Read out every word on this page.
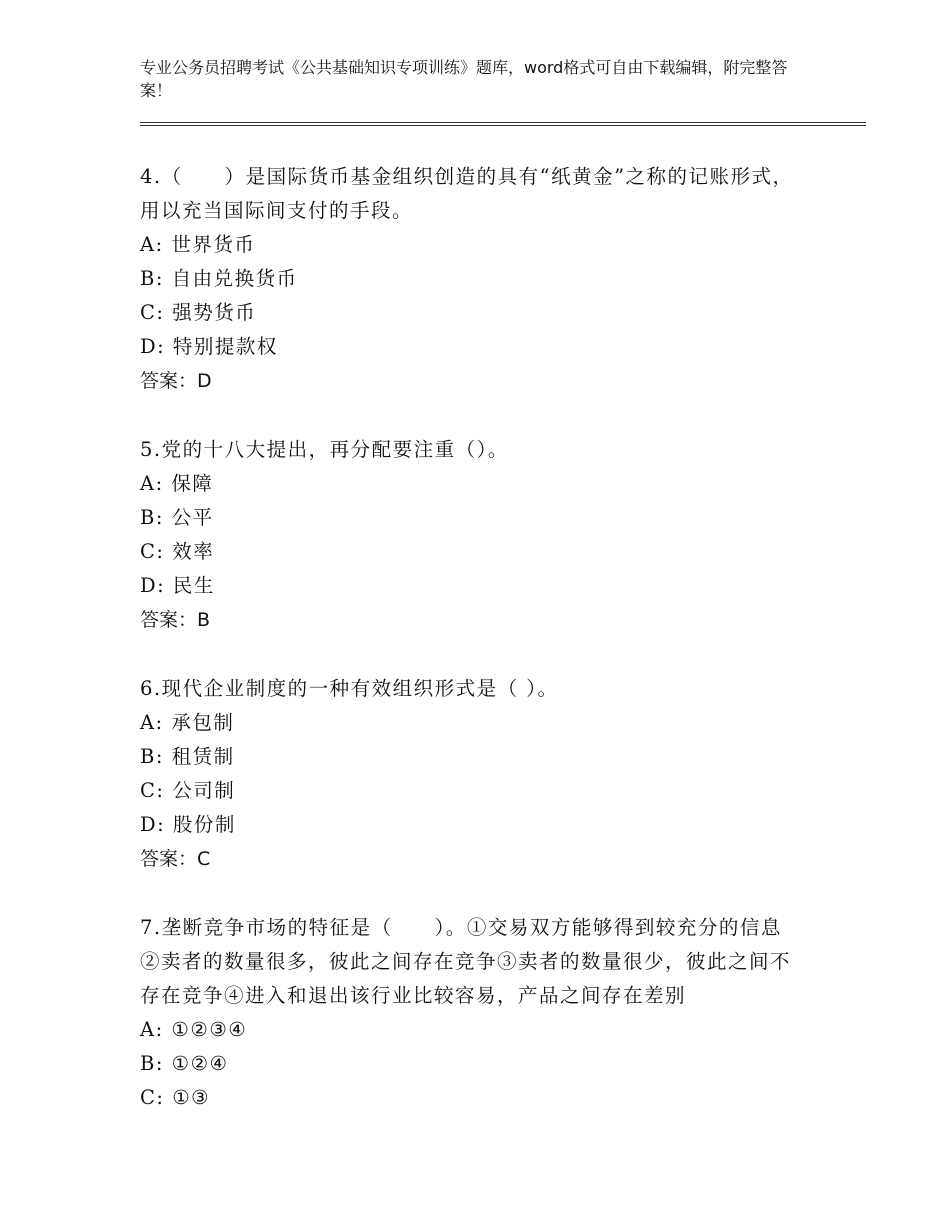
专业公务员招聘考试《公共基础知识专项训练》题库，word格式可自由下载编辑，附完整答案！

4.（　　）是国际货币基金组织创造的具有“纸黄金”之称的记账形式，用以充当国际间支付的手段。

A: 世界货币

B: 自由兑换货币

C: 强势货币

D: 特别提款权

答案：D

5.党的十八大提出，再分配要注重（）。

A: 保障

B: 公平

C: 效率

D: 民生

答案：B

6.现代企业制度的一种有效组织形式是（ ）。

A: 承包制

B: 租赁制

C: 公司制

D: 股份制

答案：C

7.垄断竞争市场的特征是（　　）。①交易双方能够得到较充分的信息②卖者的数量很多，彼此之间存在竞争③卖者的数量很少，彼此之间不存在竞争④进入和退出该行业比较容易，产品之间存在差别

A: ①②③④

B: ①②④

C: ①③
